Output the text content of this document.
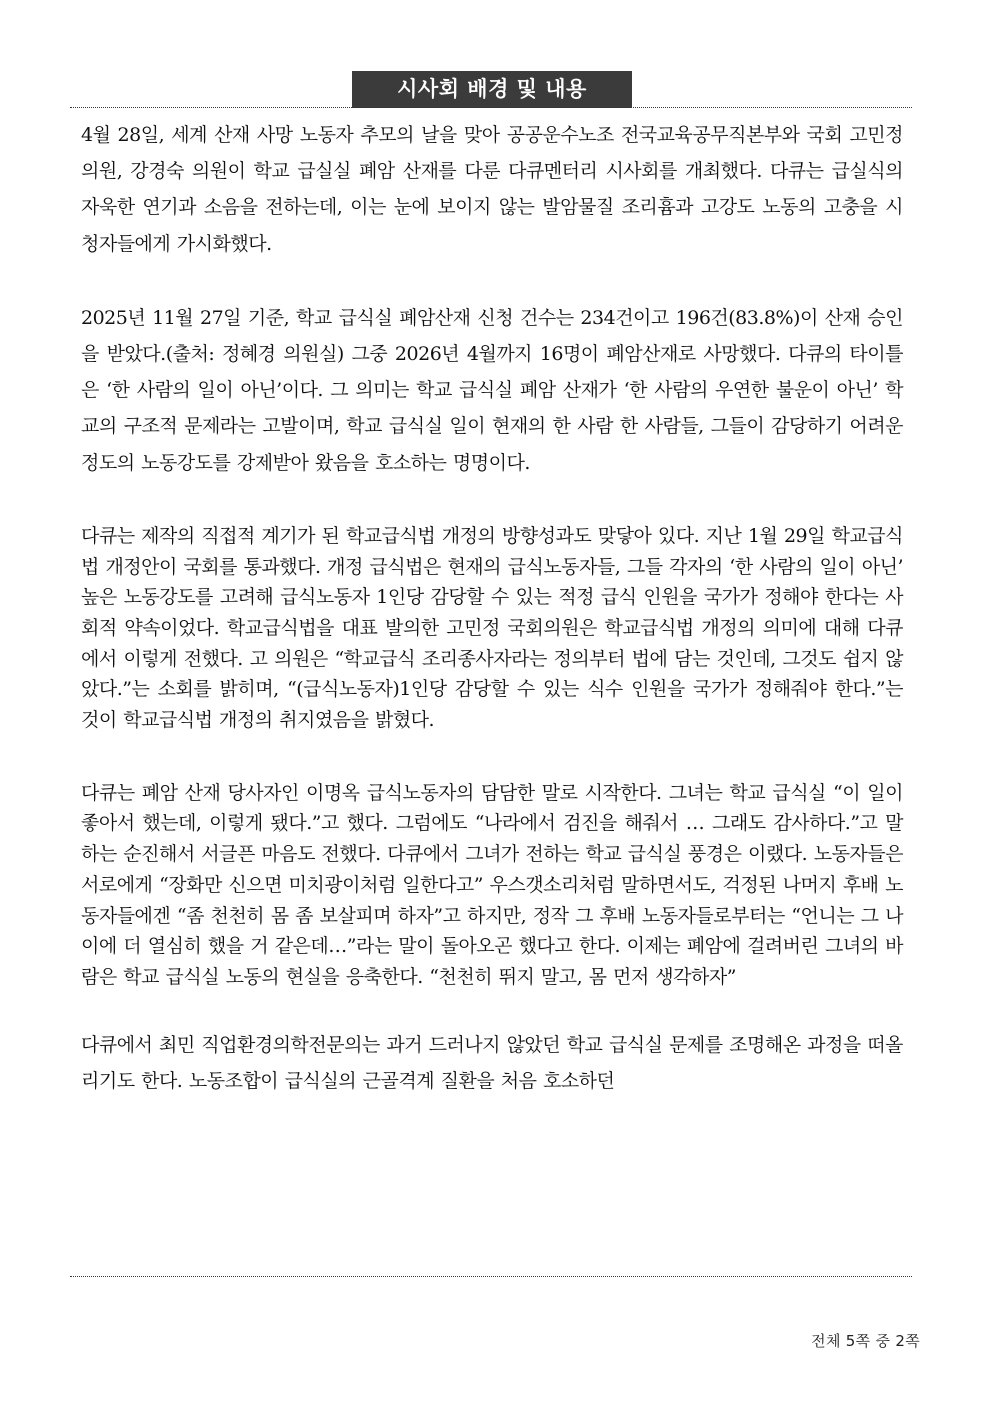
시사회 배경 및 내용

4월 28일, 세계 산재 사망 노동자 추모의 날을 맞아 공공운수노조 전국교육공무직본부와 국회 고민정 의원, 강경숙 의원이 학교 급실실 폐암 산재를 다룬 다큐멘터리 시사회를 개최했다. 다큐는 급실식의 자욱한 연기과 소음을 전하는데, 이는 눈에 보이지 않는 발암물질 조리흄과 고강도 노동의 고충을 시청자들에게 가시화했다.

2025년 11월 27일 기준, 학교 급식실 폐암산재 신청 건수는 234건이고 196건(83.8%)이 산재 승인을 받았다.(출처: 정혜경 의원실) 그중 2026년 4월까지 16명이 폐암산재로 사망했다. 다큐의 타이틀은 ‘한 사람의 일이 아닌’이다. 그 의미는 학교 급식실 폐암 산재가 ‘한 사람의 우연한 불운이 아닌’ 학교의 구조적 문제라는 고발이며, 학교 급식실 일이 현재의 한 사람 한 사람들, 그들이 감당하기 어려운 정도의 노동강도를 강제받아 왔음을 호소하는 명명이다.

다큐는 제작의 직접적 계기가 된 학교급식법 개정의 방향성과도 맞닿아 있다. 지난 1월 29일 학교급식법 개정안이 국회를 통과했다. 개정 급식법은 현재의 급식노동자들, 그들 각자의 ‘한 사람의 일이 아닌’ 높은 노동강도를 고려해 급식노동자 1인당 감당할 수 있는 적정 급식 인원을 국가가 정해야 한다는 사회적 약속이었다. 학교급식법을 대표 발의한 고민정 국회의원은 학교급식법 개정의 의미에 대해 다큐에서 이렇게 전했다. 고 의원은 “학교급식 조리종사자라는 정의부터 법에 담는 것인데, 그것도 쉽지 않았다.”는 소회를 밝히며, “(급식노동자)1인당 감당할 수 있는 식수 인원을 국가가 정해줘야 한다.”는 것이 학교급식법 개정의 취지였음을 밝혔다.

다큐는 폐암 산재 당사자인 이명옥 급식노동자의 담담한 말로 시작한다. 그녀는 학교 급식실 “이 일이 좋아서 했는데, 이렇게 됐다.”고 했다. 그럼에도 “나라에서 검진을 해줘서 … 그래도 감사하다.”고 말하는 순진해서 서글픈 마음도 전했다. 다큐에서 그녀가 전하는 학교 급식실 풍경은 이랬다. 노동자들은 서로에게 “장화만 신으면 미치광이처럼 일한다고” 우스갯소리처럼 말하면서도, 걱정된 나머지 후배 노동자들에겐 “좀 천천히 몸 좀 보살피며 하자”고 하지만, 정작 그 후배 노동자들로부터는 “언니는 그 나이에 더 열심히 했을 거 같은데…”라는 말이 돌아오곤 했다고 한다. 이제는 폐암에 걸려버린 그녀의 바람은 학교 급식실 노동의 현실을 응축한다. “천천히 뛰지 말고, 몸 먼저 생각하자”

다큐에서 최민 직업환경의학전문의는 과거 드러나지 않았던 학교 급식실 문제를 조명해온 과정을 떠올리기도 한다. 노동조합이 급식실의 근골격계 질환을 처음 호소하던

전체 5쪽 중 2쪽
